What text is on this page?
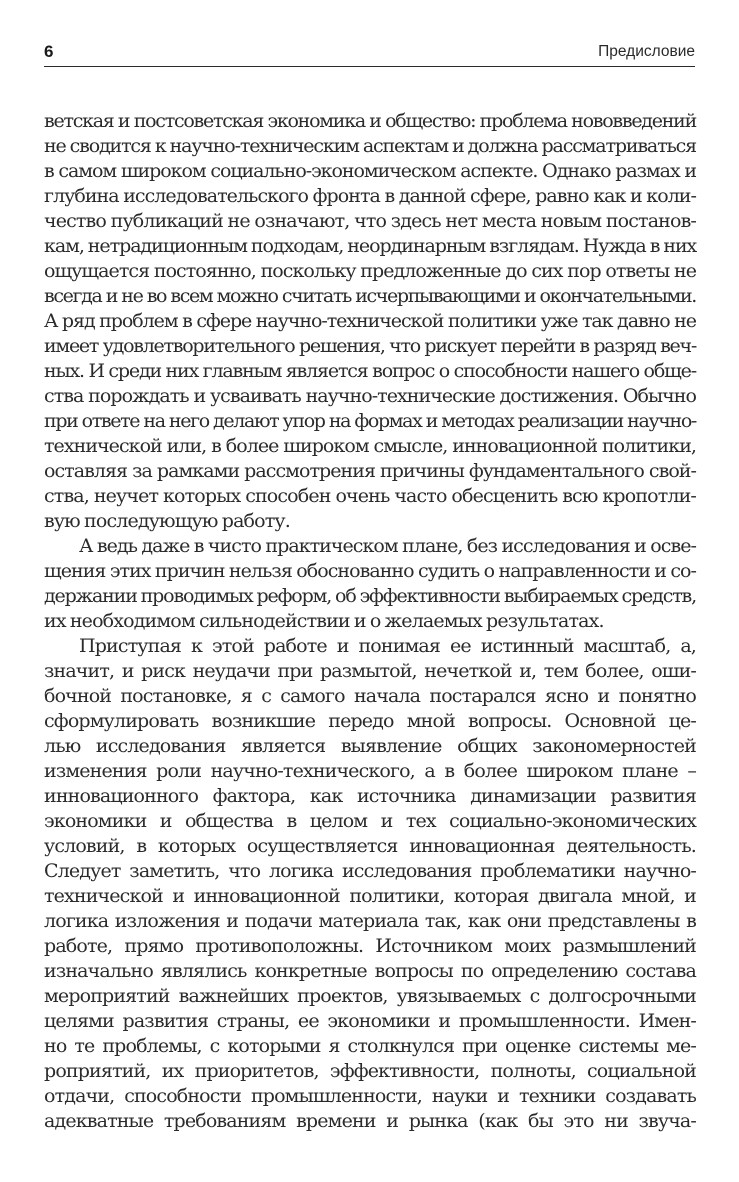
6	Предисловие
ветская и постсоветская экономика и общество: проблема нововведений
не сводится к научно-техническим аспектам и должна рассматриваться
в самом широком социально-экономическом аспекте. Однако размах и
глубина исследовательского фронта в данной сфере, равно как и коли-
чество публикаций не означают, что здесь нет места новым постанов-
кам, нетрадиционным подходам, неординарным взглядам. Нужда в них
ощущается постоянно, поскольку предложенные до сих пор ответы не
всегда и не во всем можно считать исчерпывающими и окончательными.
А ряд проблем в сфере научно-технической политики уже так давно не
имеет удовлетворительного решения, что рискует перейти в разряд веч-
ных. И среди них главным является вопрос о способности нашего обще-
ства порождать и усваивать научно-технические достижения. Обычно
при ответе на него делают упор на формах и методах реализации научно-
технической или, в более широком смысле, инновационной политики,
оставляя за рамками рассмотрения причины фундаментального свой-
ства, неучет которых способен очень часто обесценить всю кропотли-
вую последующую работу.
А ведь даже в чисто практическом плане, без исследования и осве-
щения этих причин нельзя обоснованно судить о направленности и со-
держании проводимых реформ, об эффективности выбираемых средств,
их необходимом сильнодействии и о желаемых результатах.
Приступая к этой работе и понимая ее истинный масштаб, а,
значит, и риск неудачи при размытой, нечеткой и, тем более, оши-
бочной постановке, я с самого начала постарался ясно и понятно
сформулировать возникшие передо мной вопросы. Основной це-
лью исследования является выявление общих закономерностей
изменения роли научно-технического, а в более широком плане –
инновационного фактора, как источника динамизации развития
экономики и общества в целом и тех социально-экономических
условий, в которых осуществляется инновационная деятельность.
Следует заметить, что логика исследования проблематики научно-
технической и инновационной политики, которая двигала мной, и
логика изложения и подачи материала так, как они представлены в
работе, прямо противоположны. Источником моих размышлений
изначально являлись конкретные вопросы по определению состава
мероприятий важнейших проектов, увязываемых с долгосрочными
целями развития страны, ее экономики и промышленности. Имен-
но те проблемы, с которыми я столкнулся при оценке системы ме-
роприятий, их приоритетов, эффективности, полноты, социальной
отдачи, способности промышленности, науки и техники создавать
адекватные требованиям времени и рынка (как бы это ни звуча-
